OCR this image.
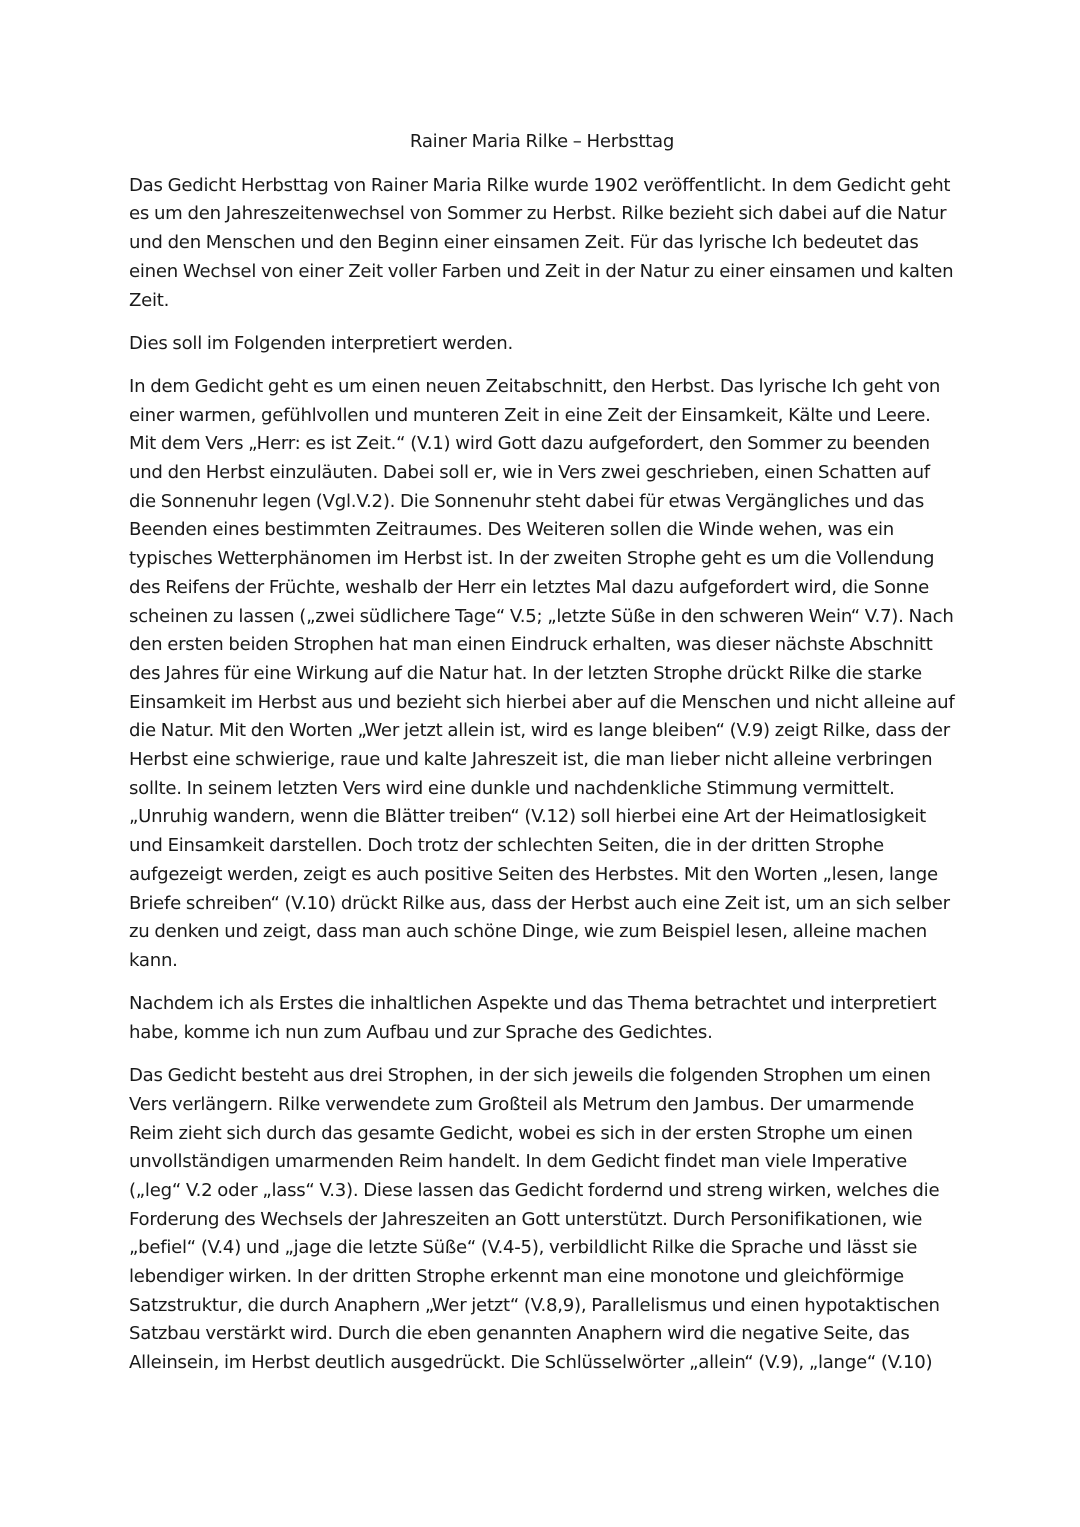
Rainer Maria Rilke – Herbsttag

Das Gedicht Herbsttag von Rainer Maria Rilke wurde 1902 veröffentlicht. In dem Gedicht geht es um den Jahreszeitenwechsel von Sommer zu Herbst. Rilke bezieht sich dabei auf die Natur und den Menschen und den Beginn einer einsamen Zeit. Für das lyrische Ich bedeutet das einen Wechsel von einer Zeit voller Farben und Zeit in der Natur zu einer einsamen und kalten Zeit.

Dies soll im Folgenden interpretiert werden.

In dem Gedicht geht es um einen neuen Zeitabschnitt, den Herbst. Das lyrische Ich geht von einer warmen, gefühlvollen und munteren Zeit in eine Zeit der Einsamkeit, Kälte und Leere. Mit dem Vers „Herr: es ist Zeit.“ (V.1) wird Gott dazu aufgefordert, den Sommer zu beenden und den Herbst einzuläuten. Dabei soll er, wie in Vers zwei geschrieben, einen Schatten auf die Sonnenuhr legen (Vgl.V.2). Die Sonnenuhr steht dabei für etwas Vergängliches und das Beenden eines bestimmten Zeitraumes. Des Weiteren sollen die Winde wehen, was ein typisches Wetterphänomen im Herbst ist. In der zweiten Strophe geht es um die Vollendung des Reifens der Früchte, weshalb der Herr ein letztes Mal dazu aufgefordert wird, die Sonne scheinen zu lassen („zwei südlichere Tage“ V.5; „letzte Süße in den schweren Wein“ V.7). Nach den ersten beiden Strophen hat man einen Eindruck erhalten, was dieser nächste Abschnitt des Jahres für eine Wirkung auf die Natur hat. In der letzten Strophe drückt Rilke die starke Einsamkeit im Herbst aus und bezieht sich hierbei aber auf die Menschen und nicht alleine auf die Natur. Mit den Worten „Wer jetzt allein ist, wird es lange bleiben“ (V.9) zeigt Rilke, dass der Herbst eine schwierige, raue und kalte Jahreszeit ist, die man lieber nicht alleine verbringen sollte. In seinem letzten Vers wird eine dunkle und nachdenkliche Stimmung vermittelt. „Unruhig wandern, wenn die Blätter treiben“ (V.12) soll hierbei eine Art der Heimatlosigkeit und Einsamkeit darstellen. Doch trotz der schlechten Seiten, die in der dritten Strophe aufgezeigt werden, zeigt es auch positive Seiten des Herbstes. Mit den Worten „lesen, lange Briefe schreiben“ (V.10) drückt Rilke aus, dass der Herbst auch eine Zeit ist, um an sich selber zu denken und zeigt, dass man auch schöne Dinge, wie zum Beispiel lesen, alleine machen kann.

Nachdem ich als Erstes die inhaltlichen Aspekte und das Thema betrachtet und interpretiert habe, komme ich nun zum Aufbau und zur Sprache des Gedichtes.

Das Gedicht besteht aus drei Strophen, in der sich jeweils die folgenden Strophen um einen Vers verlängern. Rilke verwendete zum Großteil als Metrum den Jambus. Der umarmende Reim zieht sich durch das gesamte Gedicht, wobei es sich in der ersten Strophe um einen unvollständigen umarmenden Reim handelt. In dem Gedicht findet man viele Imperative („leg“ V.2 oder „lass“ V.3). Diese lassen das Gedicht fordernd und streng wirken, welches die Forderung des Wechsels der Jahreszeiten an Gott unterstützt. Durch Personifikationen, wie „befiel“ (V.4) und „jage die letzte Süße“ (V.4-5), verbildlicht Rilke die Sprache und lässt sie lebendiger wirken. In der dritten Strophe erkennt man eine monotone und gleichförmige Satzstruktur, die durch Anaphern „Wer jetzt“ (V.8,9), Parallelismus und einen hypotaktischen Satzbau verstärkt wird. Durch die eben genannten Anaphern wird die negative Seite, das Alleinsein, im Herbst deutlich ausgedrückt. Die Schlüsselwörter „allein“ (V.9), „lange“ (V.10)
